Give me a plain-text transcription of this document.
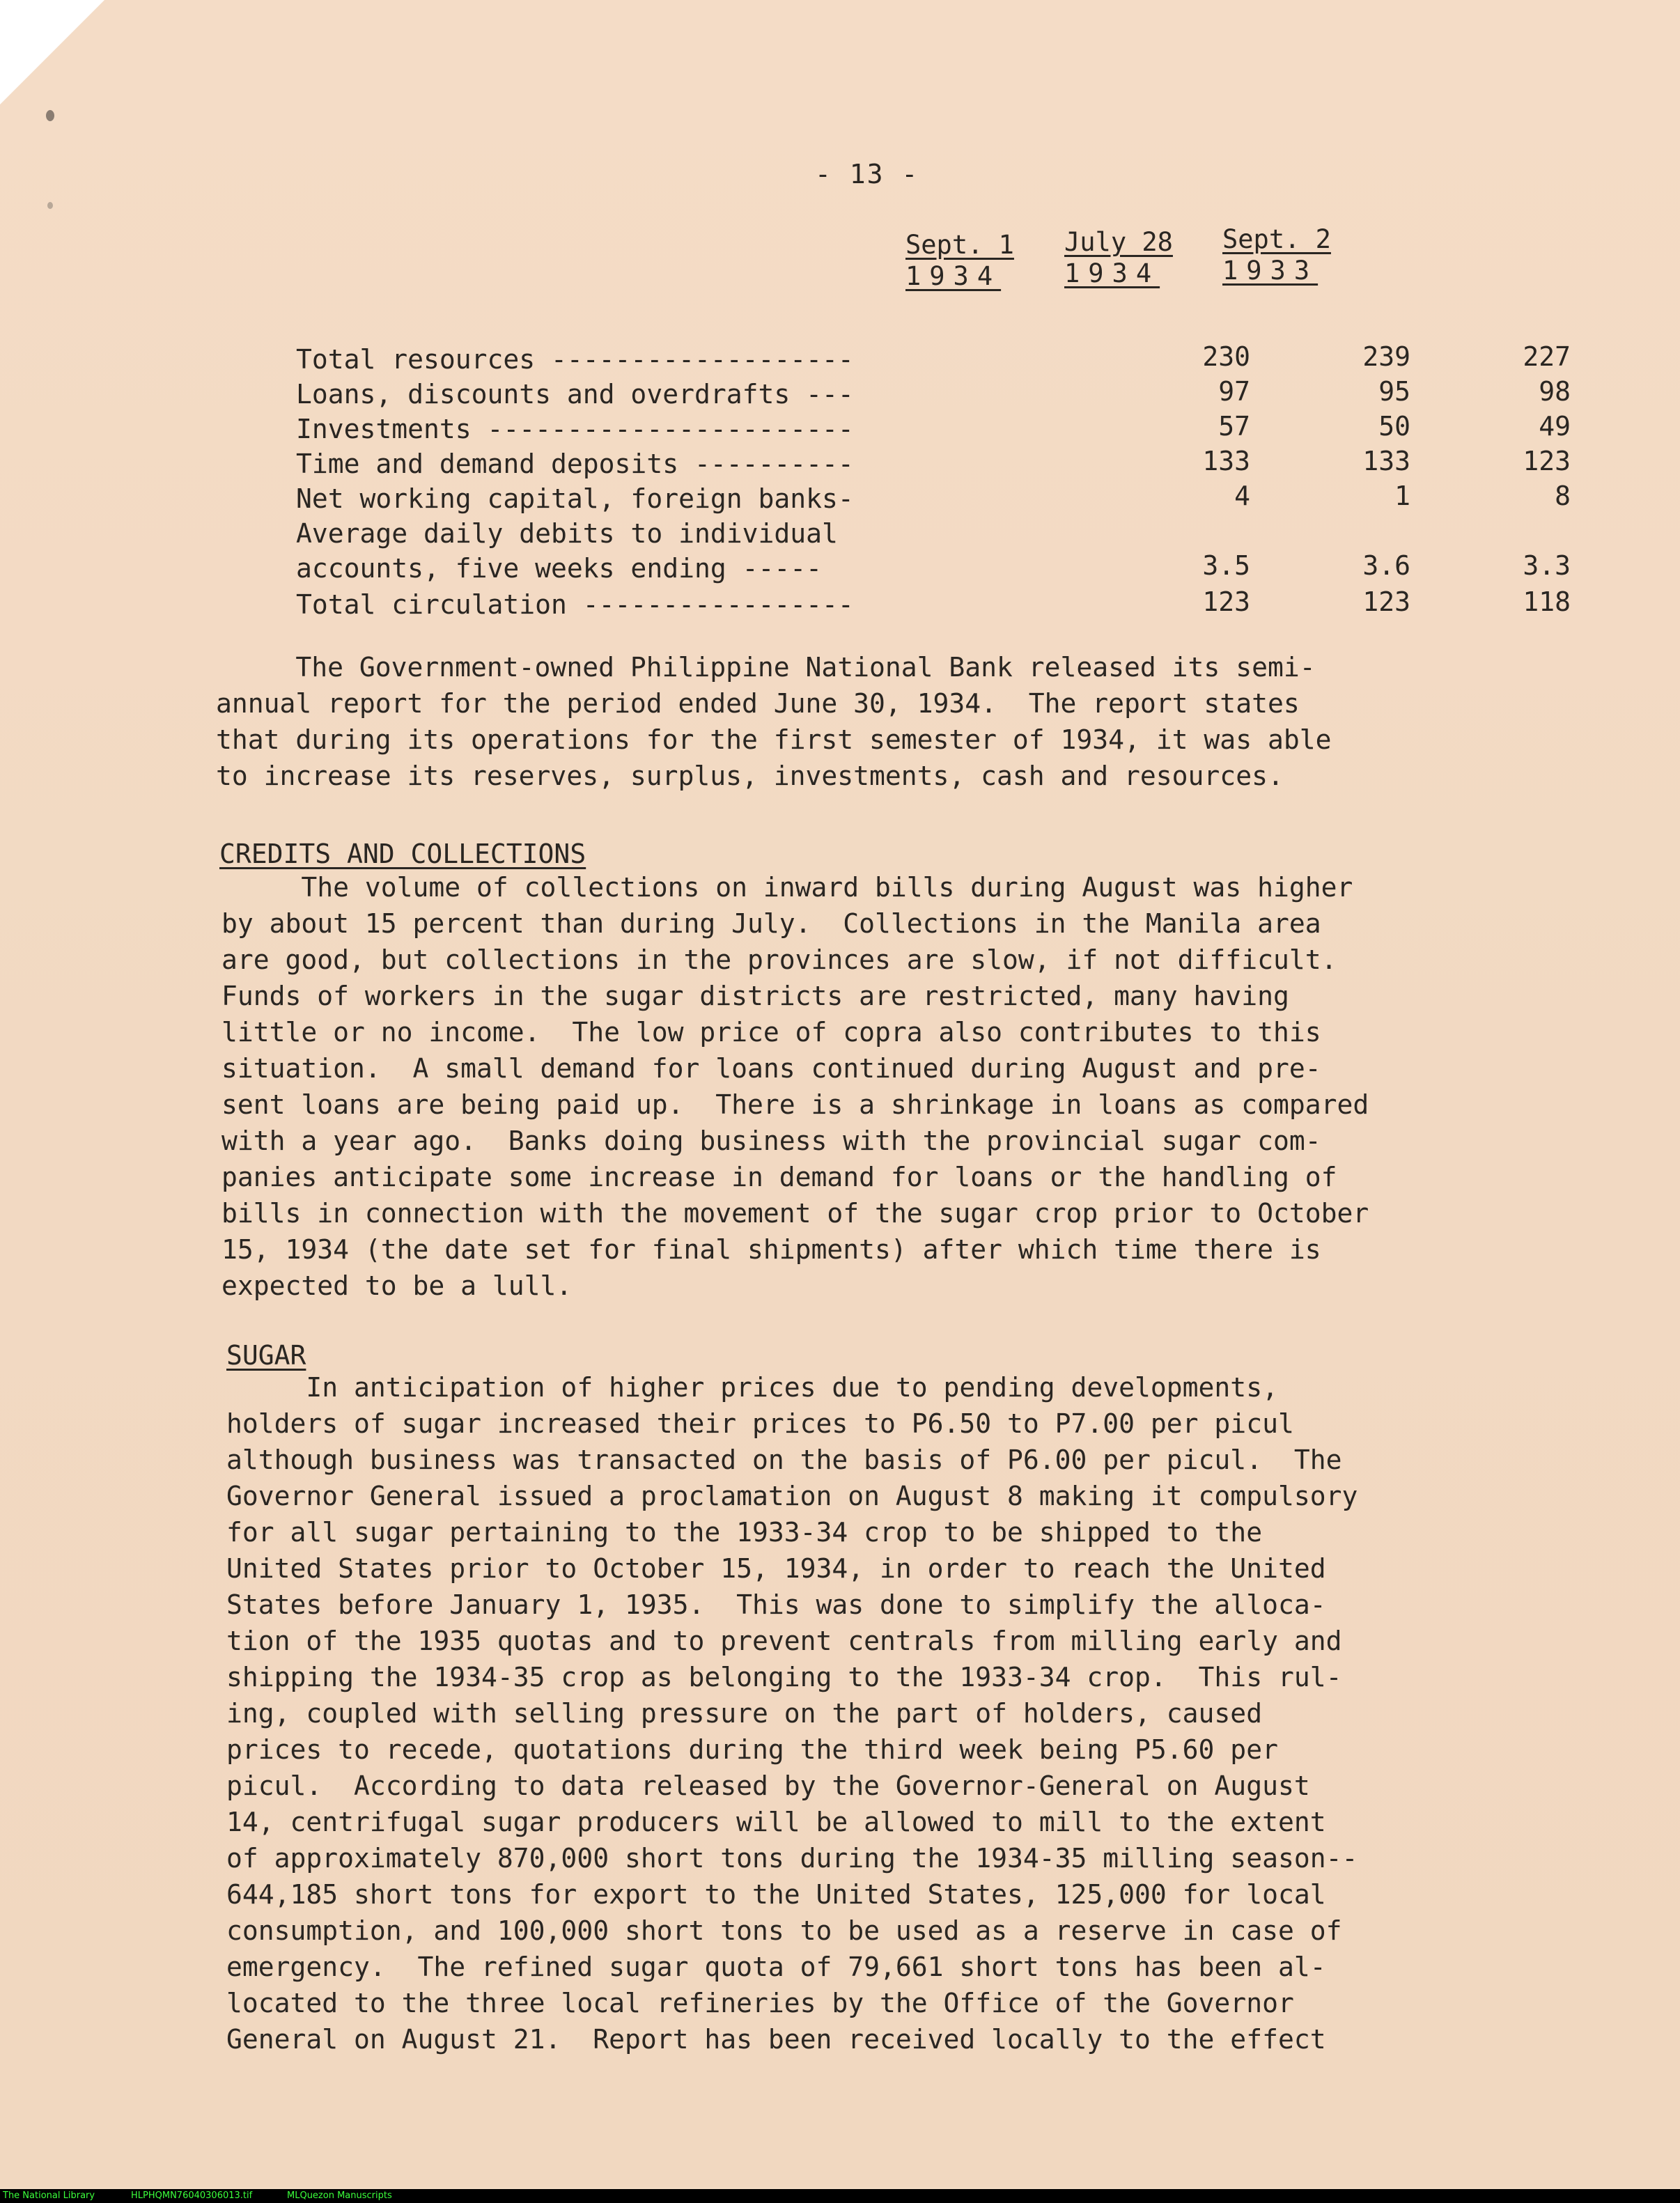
- 13 -
Sept. 1
1934
July 28
1934
Sept. 2
1933
Total resources -------------------	230	239	227
Loans, discounts and overdrafts ---	97	95	98
Investments -----------------------	57	50	49
Time and demand deposits ----------	133	133	123
Net working capital, foreign banks-	4	1	8
Average daily debits to individual
accounts, five weeks ending -----	3.5	3.6	3.3
Total circulation -----------------	123	123	118
The Government-owned Philippine National Bank released its semi-
annual report for the period ended June 30, 1934.  The report states
that during its operations for the first semester of 1934, it was able
to increase its reserves, surplus, investments, cash and resources.
CREDITS AND COLLECTIONS
The volume of collections on inward bills during August was higher
by about 15 percent than during July.  Collections in the Manila area
are good, but collections in the provinces are slow, if not difficult.
Funds of workers in the sugar districts are restricted, many having
little or no income.  The low price of copra also contributes to this
situation.  A small demand for loans continued during August and pre-
sent loans are being paid up.  There is a shrinkage in loans as compared
with a year ago.  Banks doing business with the provincial sugar com-
panies anticipate some increase in demand for loans or the handling of
bills in connection with the movement of the sugar crop prior to October
15, 1934 (the date set for final shipments) after which time there is
expected to be a lull.
SUGAR
In anticipation of higher prices due to pending developments,
holders of sugar increased their prices to P6.50 to P7.00 per picul
although business was transacted on the basis of P6.00 per picul.  The
Governor General issued a proclamation on August 8 making it compulsory
for all sugar pertaining to the 1933-34 crop to be shipped to the
United States prior to October 15, 1934, in order to reach the United
States before January 1, 1935.  This was done to simplify the alloca-
tion of the 1935 quotas and to prevent centrals from milling early and
shipping the 1934-35 crop as belonging to the 1933-34 crop.  This rul-
ing, coupled with selling pressure on the part of holders, caused
prices to recede, quotations during the third week being P5.60 per
picul.  According to data released by the Governor-General on August
14, centrifugal sugar producers will be allowed to mill to the extent
of approximately 870,000 short tons during the 1934-35 milling season--
644,185 short tons for export to the United States, 125,000 for local
consumption, and 100,000 short tons to be used as a reserve in case of
emergency.  The refined sugar quota of 79,661 short tons has been al-
located to the three local refineries by the Office of the Governor
General on August 21.  Report has been received locally to the effect
The National Library	HLPHQMN76040306013.tif	MLQuezon Manuscripts
